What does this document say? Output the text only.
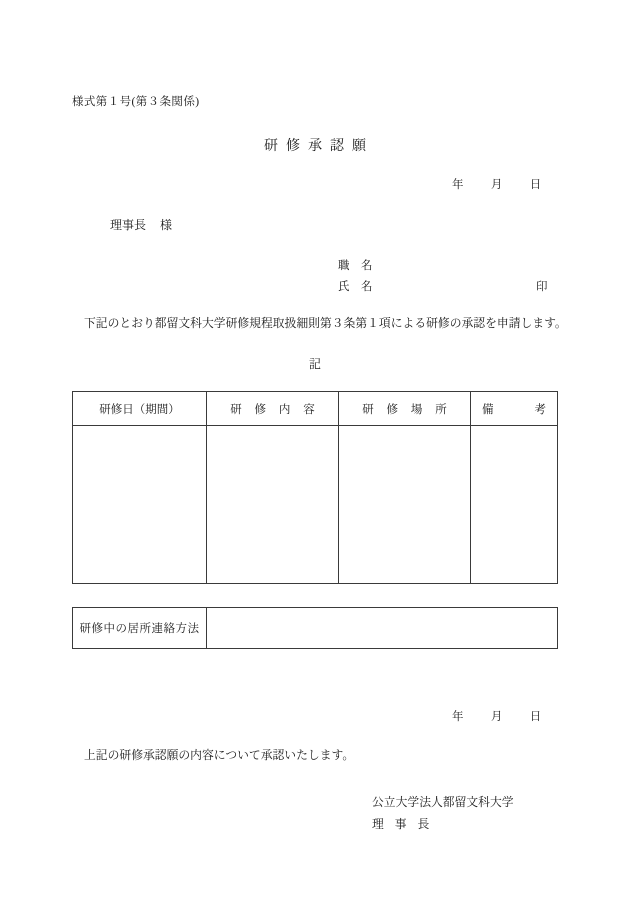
様式第１号(第３条関係)
研修承認願
年 月 日
理事長 様
職　名
氏　名	印
下記のとおり都留文科大学研修規程取扱細則第３条第１項による研修の承認を申請します。
記
研修日（期間）	研 修 内 容	研 修 場 所	備 考

研修中の居所連絡方法	
年 月 日
上記の研修承認願の内容について承認いたします。
公立大学法人都留文科大学
理 事 長
